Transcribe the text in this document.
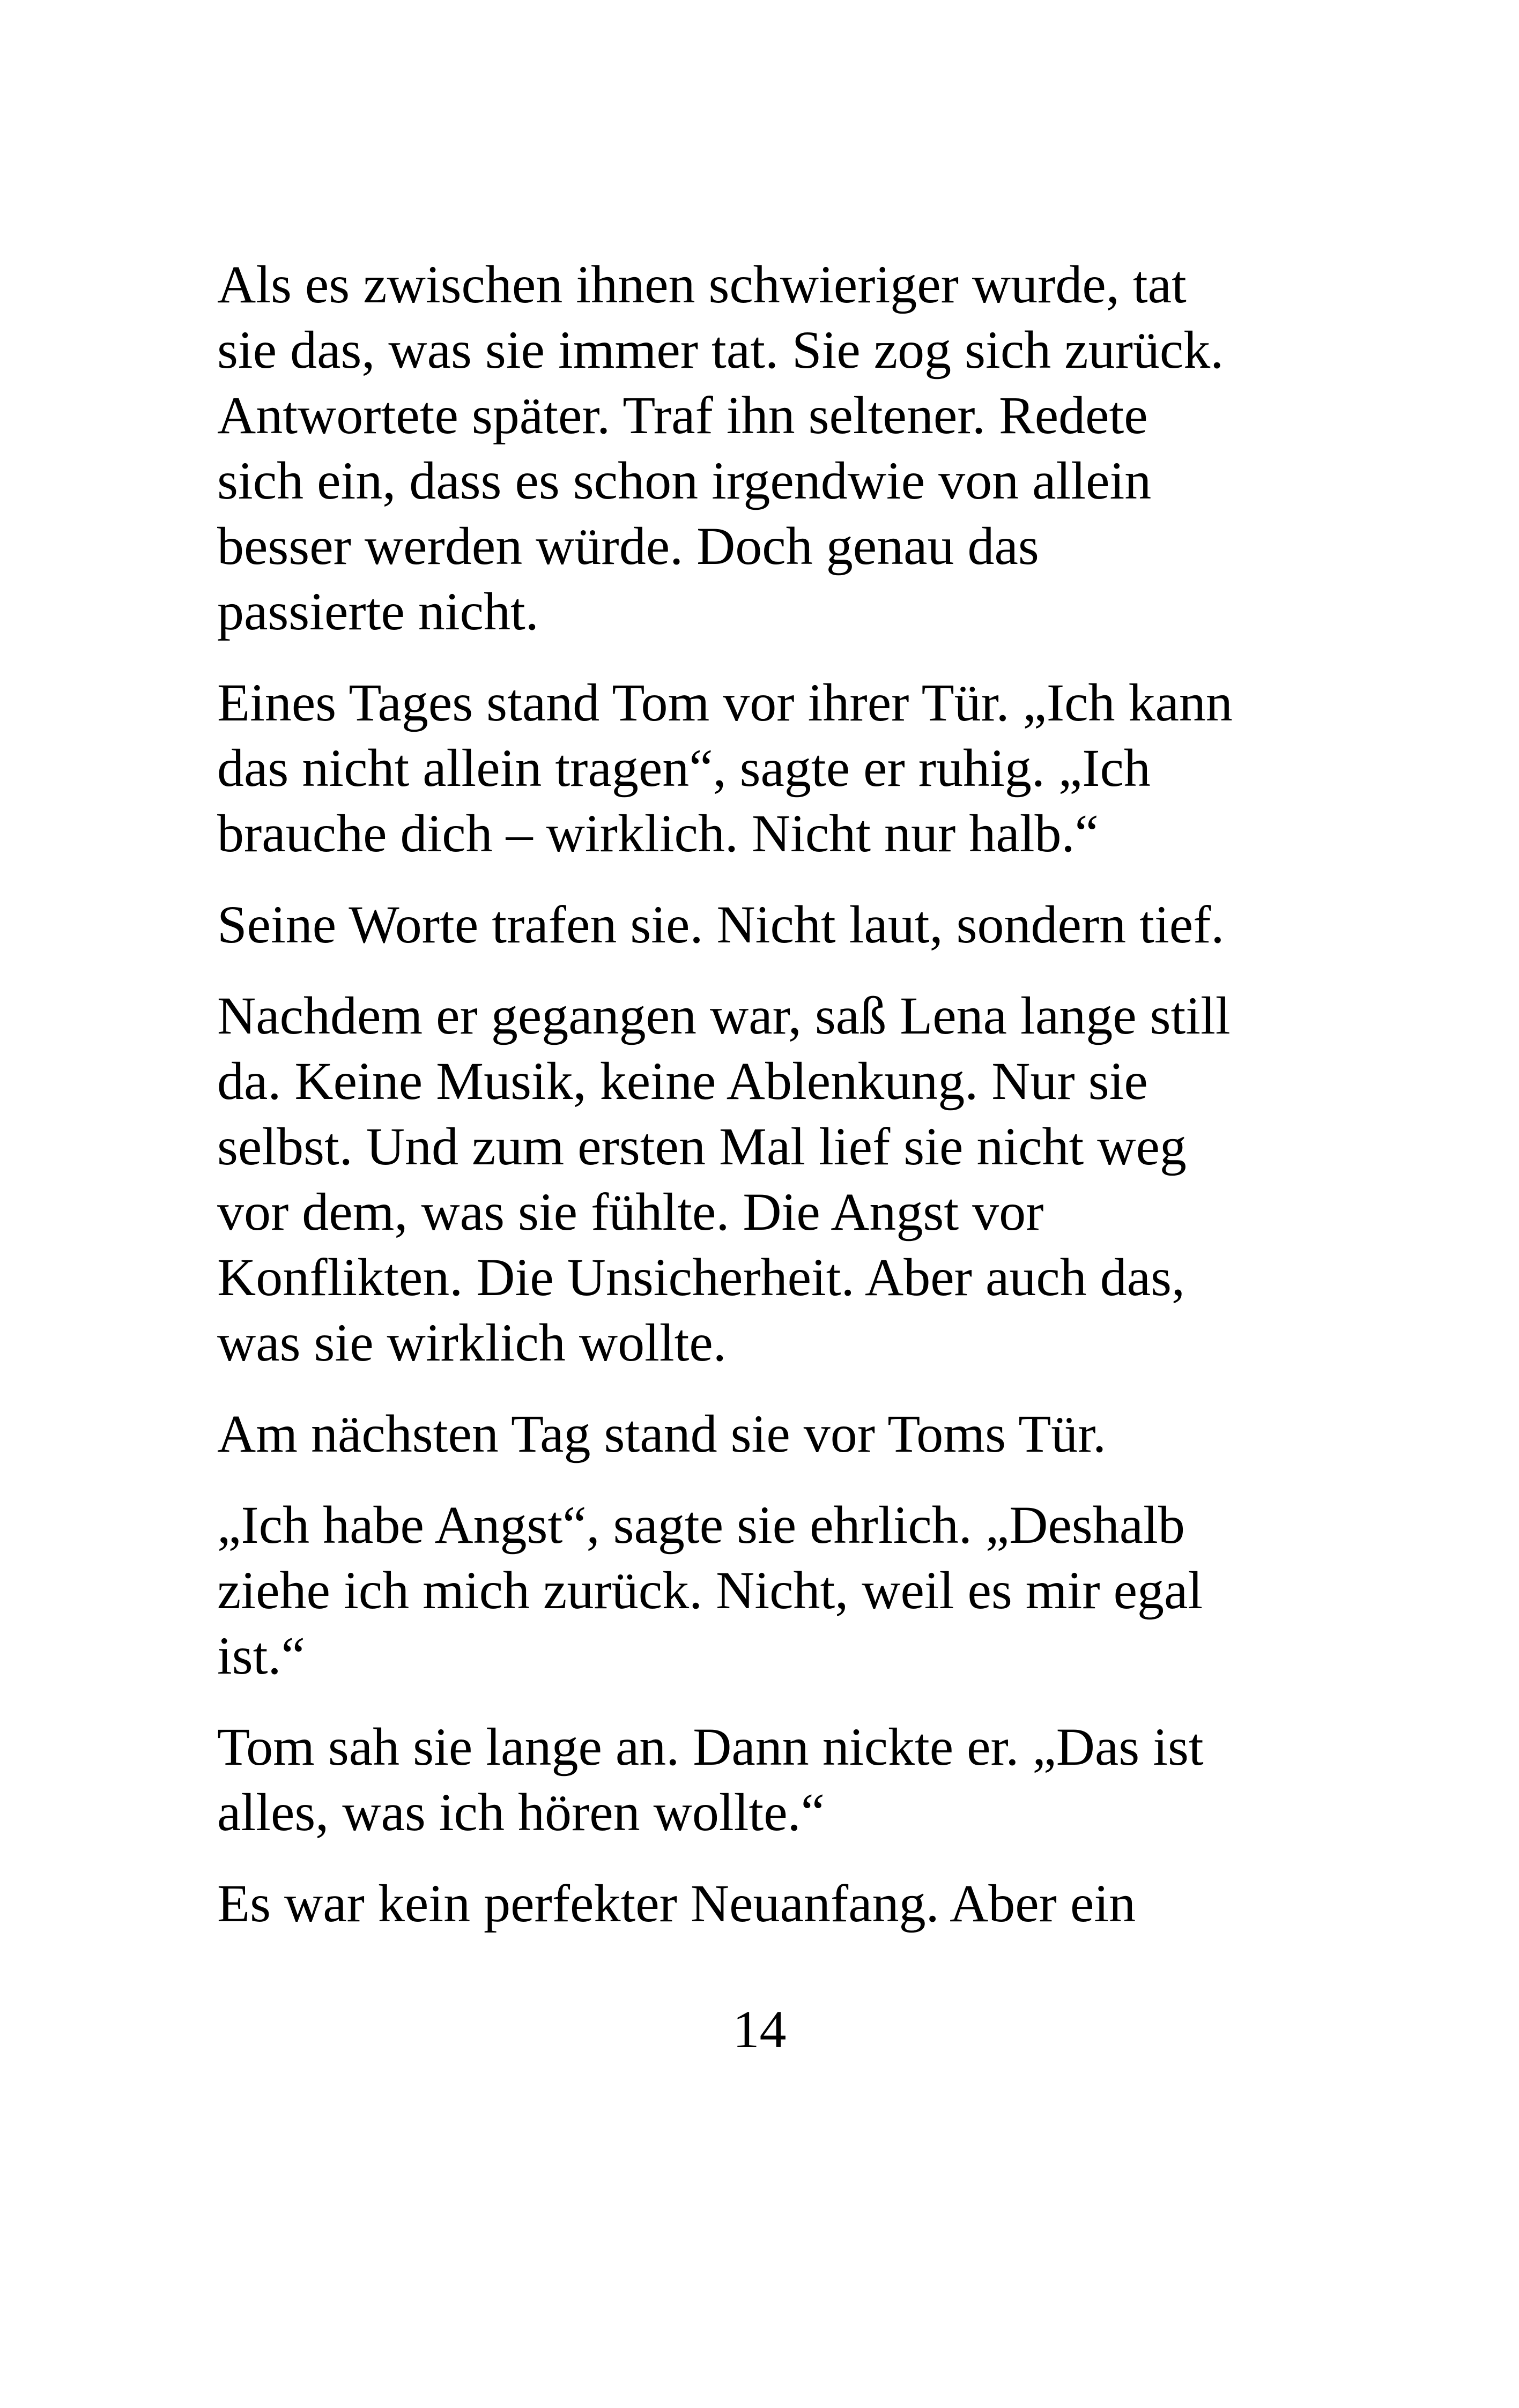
Als es zwischen ihnen schwieriger wurde, tat
sie das, was sie immer tat. Sie zog sich zurück.
Antwortete später. Traf ihn seltener. Redete
sich ein, dass es schon irgendwie von allein
besser werden würde. Doch genau das
passierte nicht.

Eines Tages stand Tom vor ihrer Tür. „Ich kann
das nicht allein tragen“, sagte er ruhig. „Ich
brauche dich – wirklich. Nicht nur halb.“

Seine Worte trafen sie. Nicht laut, sondern tief.

Nachdem er gegangen war, saß Lena lange still
da. Keine Musik, keine Ablenkung. Nur sie
selbst. Und zum ersten Mal lief sie nicht weg
vor dem, was sie fühlte. Die Angst vor
Konflikten. Die Unsicherheit. Aber auch das,
was sie wirklich wollte.

Am nächsten Tag stand sie vor Toms Tür.

„Ich habe Angst“, sagte sie ehrlich. „Deshalb
ziehe ich mich zurück. Nicht, weil es mir egal
ist.“

Tom sah sie lange an. Dann nickte er. „Das ist
alles, was ich hören wollte.“

Es war kein perfekter Neuanfang. Aber ein

14
